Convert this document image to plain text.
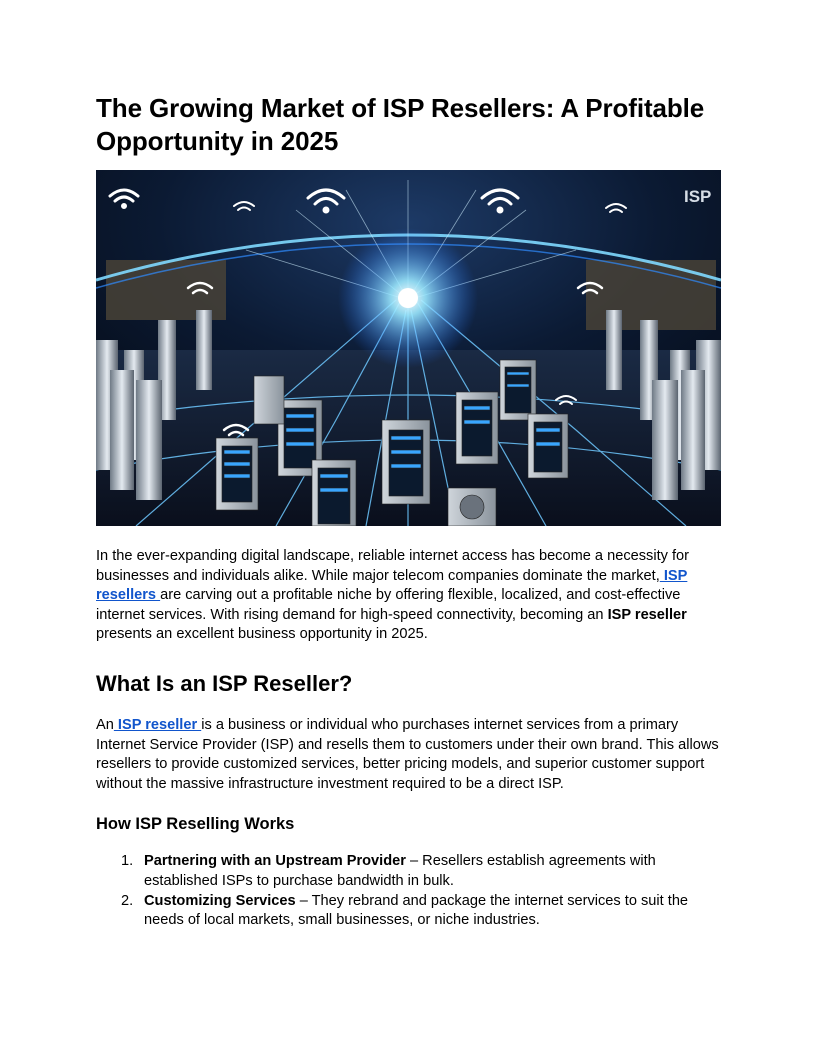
The Growing Market of ISP Resellers: A Profitable Opportunity in 2025
ISP

In the ever-expanding digital landscape, reliable internet access has become a necessity for businesses and individuals alike. While major telecom companies dominate the market, ISP resellers are carving out a profitable niche by offering flexible, localized, and cost-effective internet services. With rising demand for high-speed connectivity, becoming an ISP reseller presents an excellent business opportunity in 2025.

What Is an ISP Reseller?

An ISP reseller is a business or individual who purchases internet services from a primary Internet Service Provider (ISP) and resells them to customers under their own brand. This allows resellers to provide customized services, better pricing models, and superior customer support without the massive infrastructure investment required to be a direct ISP.

How ISP Reselling Works
1. Partnering with an Upstream Provider – Resellers establish agreements with established ISPs to purchase bandwidth in bulk.
2. Customizing Services – They rebrand and package the internet services to suit the needs of local markets, small businesses, or niche industries.
